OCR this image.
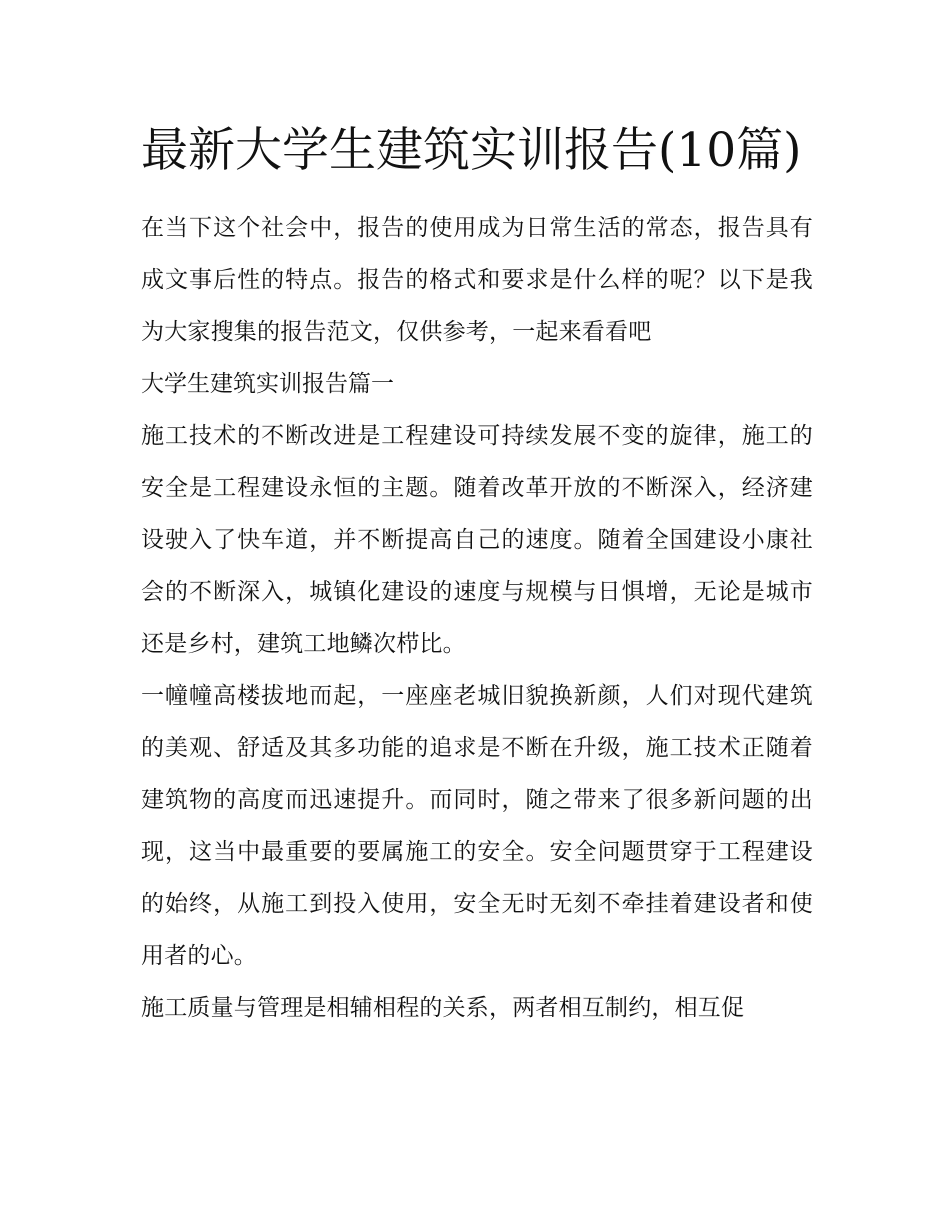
最新大学生建筑实训报告(10篇)

在当下这个社会中，报告的使用成为日常生活的常态，报告具有成文事后性的特点。报告的格式和要求是什么样的呢？以下是我为大家搜集的报告范文，仅供参考，一起来看看吧

大学生建筑实训报告篇一

施工技术的不断改进是工程建设可持续发展不变的旋律，施工的安全是工程建设永恒的主题。随着改革开放的不断深入，经济建设驶入了快车道，并不断提高自己的速度。随着全国建设小康社会的不断深入，城镇化建设的速度与规模与日惧增，无论是城市还是乡村，建筑工地鳞次栉比。

一幢幢高楼拔地而起，一座座老城旧貌换新颜，人们对现代建筑的美观、舒适及其多功能的追求是不断在升级，施工技术正随着建筑物的高度而迅速提升。而同时，随之带来了很多新问题的出现，这当中最重要的要属施工的安全。安全问题贯穿于工程建设的始终，从施工到投入使用，安全无时无刻不牵挂着建设者和使用者的心。

施工质量与管理是相辅相程的关系，两者相互制约，相互促
